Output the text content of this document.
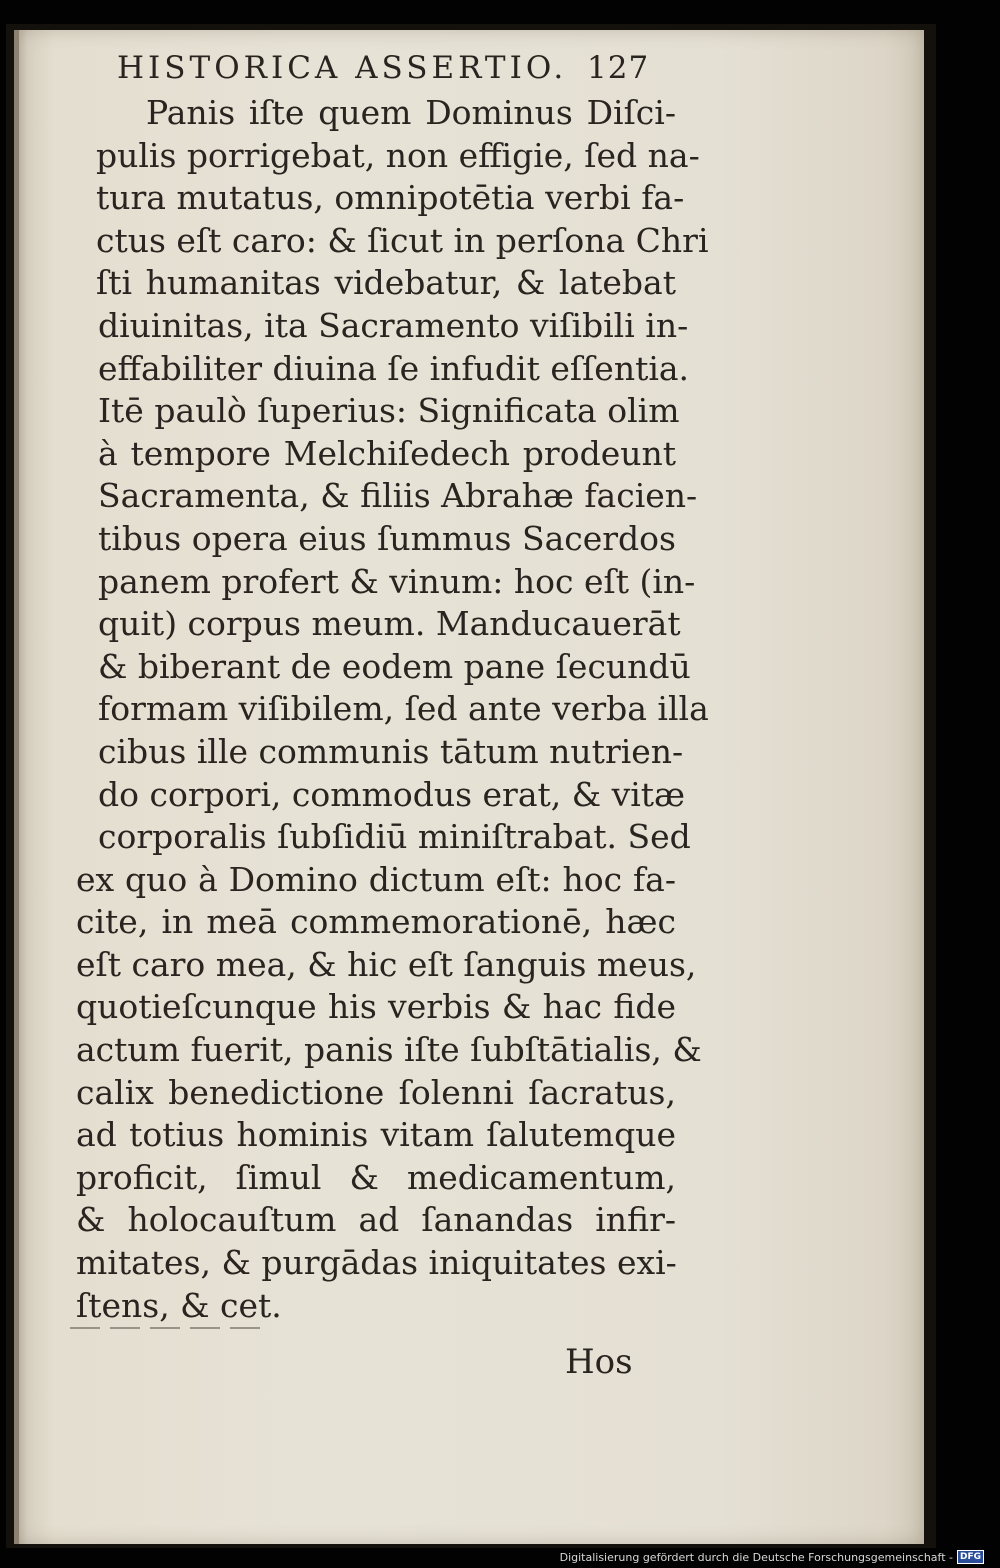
HISTORICA ASSERTIO. 127
Panis iſte quem Dominus Diſci-
pulis porrigebat, non effigie, ſed na-
tura mutatus, omnipotētia verbi fa-
ctus eſt caro: & ſicut in perſona Chri
ſti humanitas videbatur, & latebat
diuinitas, ita Sacramento viſibili in-
effabiliter diuina ſe infudit eſſentia.
Itē paulò ſuperius: Significata olim
à tempore Melchiſedech prodeunt
Sacramenta, & filiis Abrahæ facien-
tibus opera eius ſummus Sacerdos
panem profert & vinum: hoc eſt (in-
quit) corpus meum. Manducauerāt
& biberant de eodem pane ſecundū
formam viſibilem, ſed ante verba illa
cibus ille communis tātum nutrien-
do corpori, commodus erat, & vitæ
corporalis ſubſidiū miniſtrabat. Sed
ex quo à Domino dictum eſt: hoc fa-
cite, in meā commemorationē, hæc
eſt caro mea, & hic eſt ſanguis meus,
quotieſcunque his verbis & hac fide
actum fuerit, panis iſte ſubſtātialis, &
calix benedictione ſolenni ſacratus,
ad totius hominis vitam ſalutemque
proficit, ſimul & medicamentum,
& holocauſtum ad ſanandas infir-
mitates, & purgādas iniquitates exi-
ſtens, & cet.
Hos
Digitalisierung gefördert durch die Deutsche Forschungsgemeinschaft - DFG
